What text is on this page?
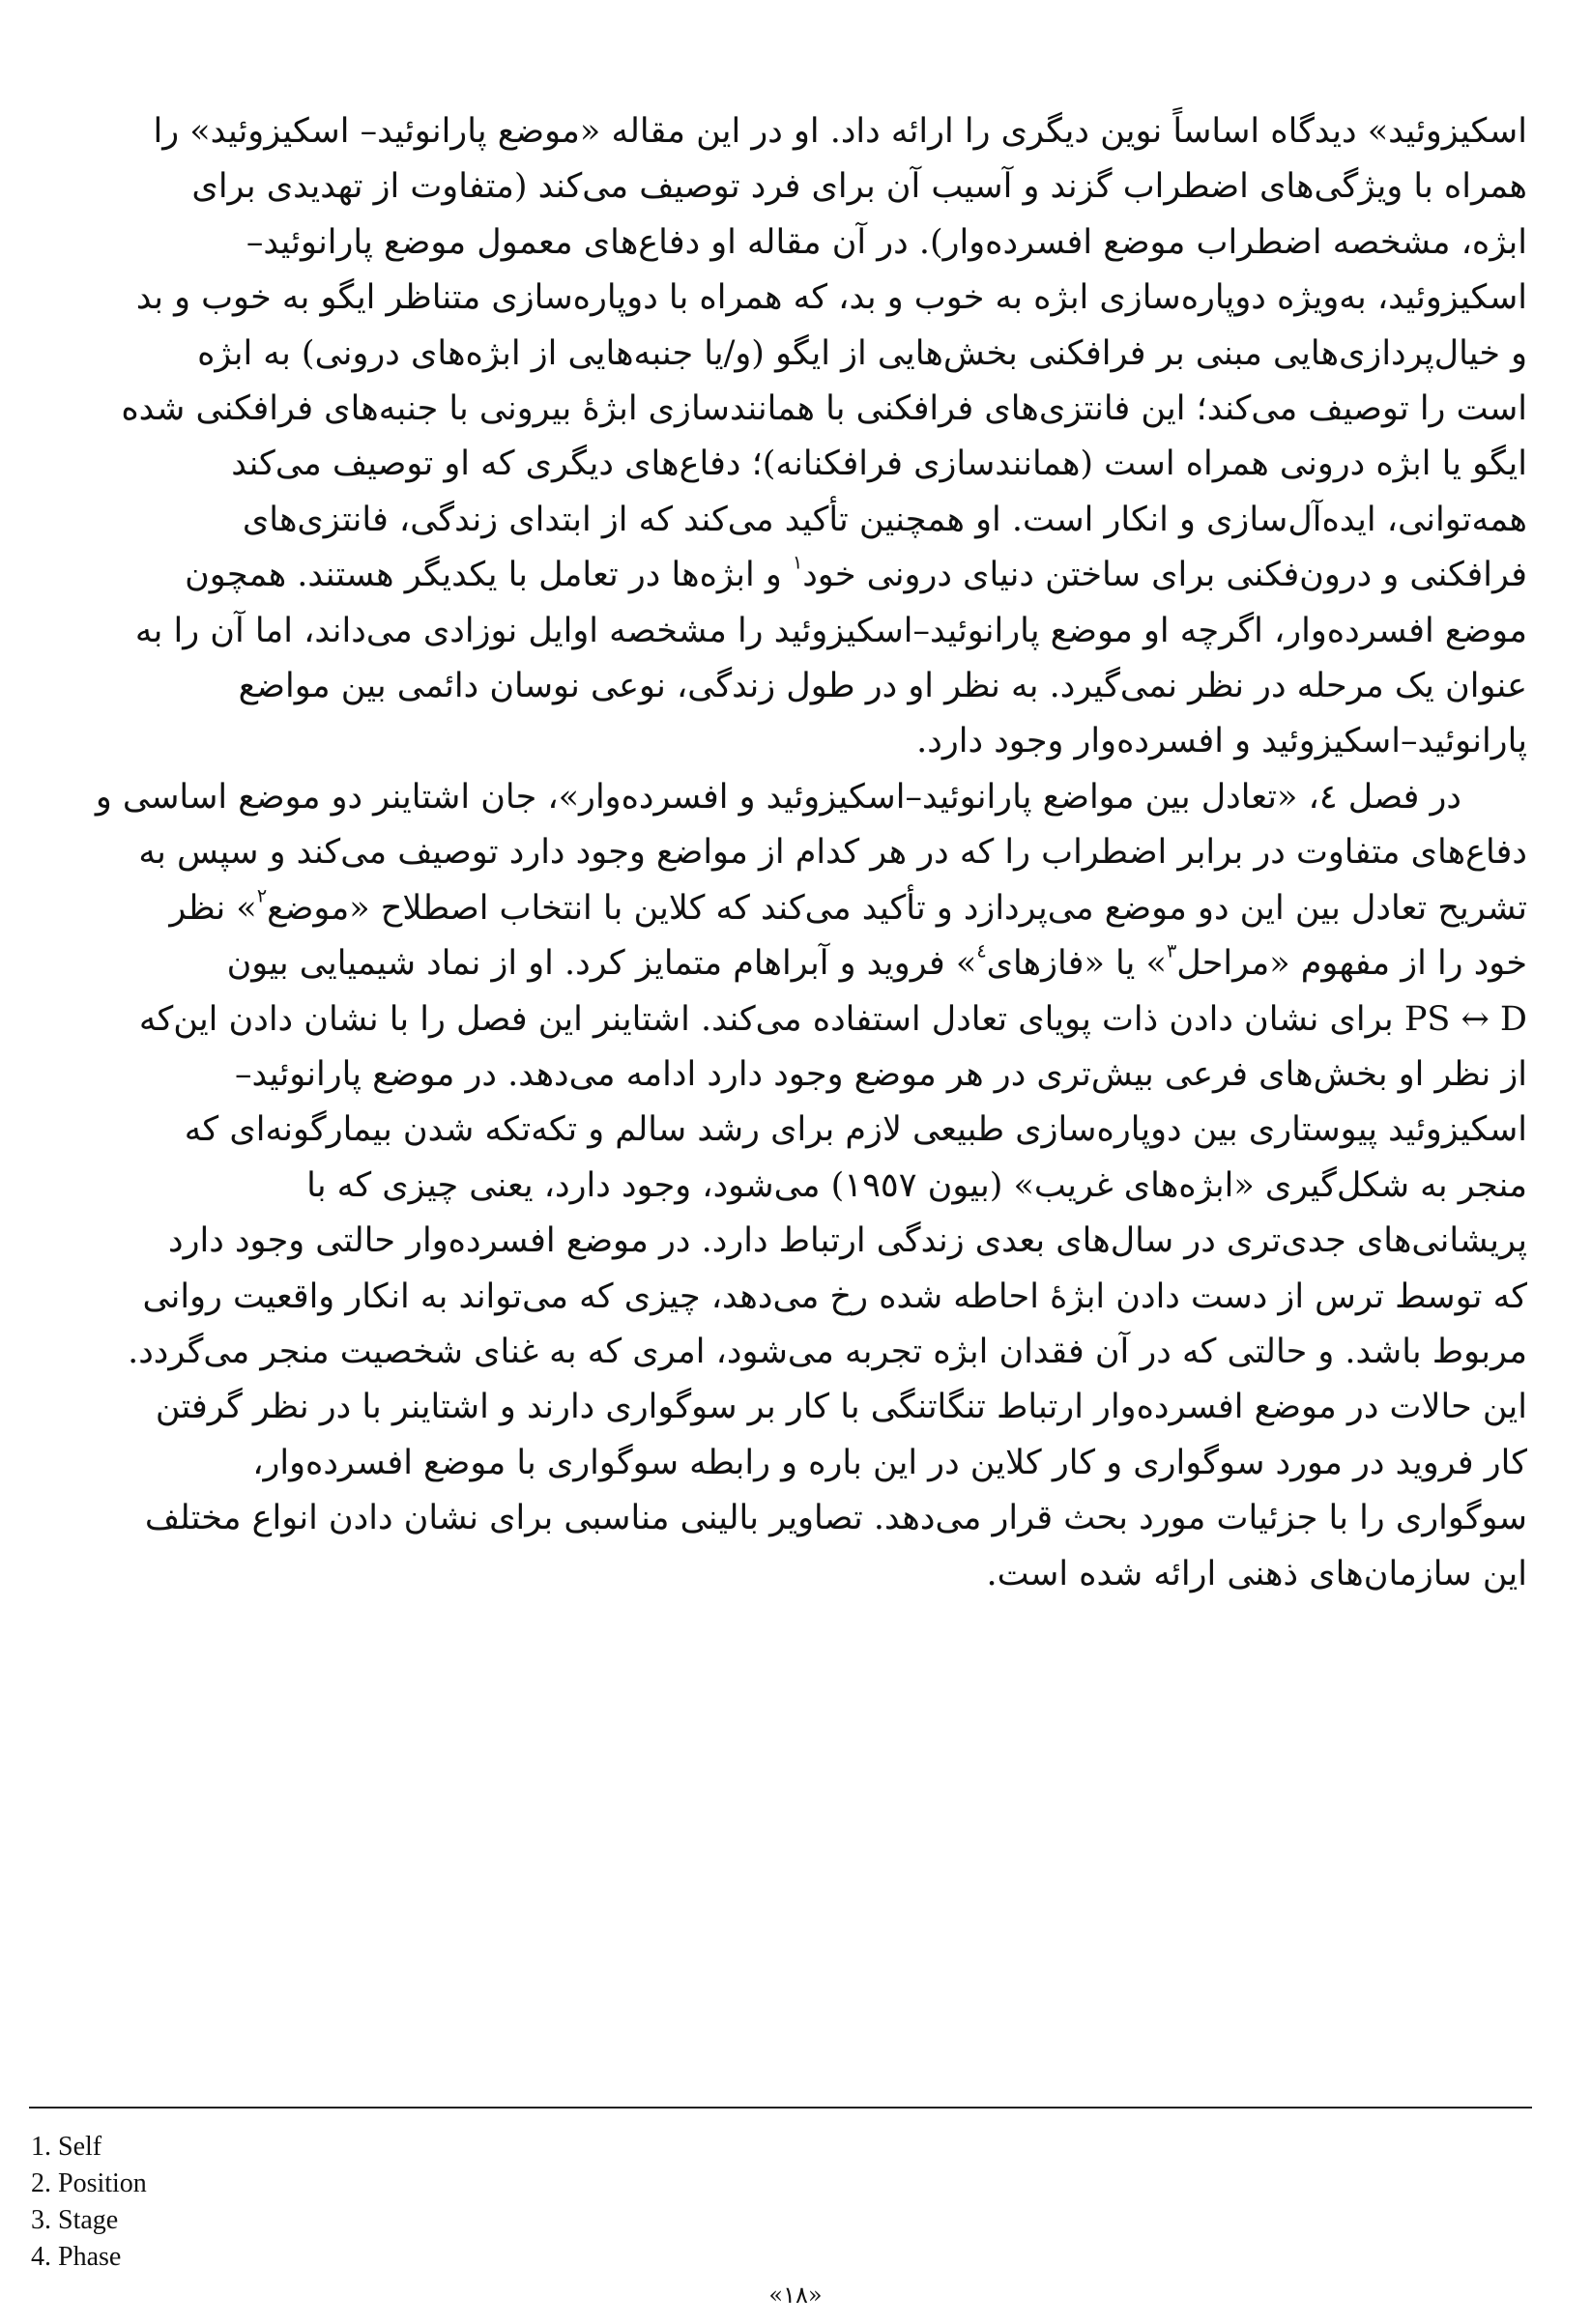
اسکیزوئید» دیدگاه اساساً نوین دیگری را ارائه داد. او در این مقاله «موضع پارانوئید– اسکیزوئید» را
همراه با ویژگی‌های اضطراب گزند و آسیب آن برای فرد توصیف می‌کند (متفاوت از تهدیدی برای
ابژه، مشخصه اضطراب موضع افسرده‌وار). در آن مقاله او دفاع‌های معمول موضع پارانوئید–
اسکیزوئید، به‌ویژه دوپاره‌سازی ابژه به خوب و بد، که همراه با دوپاره‌سازی متناظر ایگو به خوب و بد
و خیال‌پردازی‌هایی مبنی بر فرافکنی بخش‌هایی از ایگو (و/یا جنبه‌هایی از ابژه‌های درونی) به ابژه
است را توصیف می‌کند؛ این فانتزی‌های فرافکنی با همانندسازی ابژهٔ بیرونی با جنبه‌های فرافکنی شده
ایگو یا ابژه درونی همراه است (همانندسازی فرافکنانه)؛ دفاع‌های دیگری که او توصیف می‌کند
همه‌توانی، ایده‌آل‌سازی و انکار است. او همچنین تأکید می‌کند که از ابتدای زندگی، فانتزی‌های
فرافکنی و درون‌فکنی برای ساختن دنیای درونی خود$^۱$ و ابژه‌ها در تعامل با یکدیگر هستند. همچون
موضع افسرده‌وار، اگرچه او موضع پارانوئید–اسکیزوئید را مشخصه اوایل نوزادی می‌داند، اما آن را به
عنوان یک مرحله در نظر نمی‌گیرد. به نظر او در طول زندگی، نوعی نوسان دائمی بین مواضع
پارانوئید–اسکیزوئید و افسرده‌وار وجود دارد.
در فصل ٤، «تعادل بین مواضع پارانوئید–اسکیزوئید و افسرده‌وار»، جان اشتاینر دو موضع اساسی و
دفاع‌های متفاوت در برابر اضطراب را که در هر کدام از مواضع وجود دارد توصیف می‌کند و سپس به
تشریح تعادل بین این دو موضع می‌پردازد و تأکید می‌کند که کلاین با انتخاب اصطلاح «موضع$^۲$» نظر
خود را از مفهوم «مراحل$^۳$» یا «فازهای$^٤$» فروید و آبراهام متمایز کرد. او از نماد شیمیایی بیون
PS ↔ D برای نشان دادن ذات پویای تعادل استفاده می‌کند. اشتاینر این فصل را با نشان دادن این‌که
از نظر او بخش‌های فرعی بیش‌تری در هر موضع وجود دارد ادامه می‌دهد. در موضع پارانوئید–
اسکیزوئید پیوستاری بین دوپاره‌سازی طبیعی لازم برای رشد سالم و تکه‌تکه شدن بیمارگونه‌ای که
منجر به شکل‌گیری «ابژه‌های غریب» (بیون ١٩٥٧) می‌شود، وجود دارد، یعنی چیزی که با
پریشانی‌های جدی‌تری در سال‌های بعدی زندگی ارتباط دارد. در موضع افسرده‌وار حالتی وجود دارد
که توسط ترس از دست دادن ابژهٔ احاطه شده رخ می‌دهد، چیزی که می‌تواند به انکار واقعیت روانی
مربوط باشد. و حالتی که در آن فقدان ابژه تجربه می‌شود، امری که به غنای شخصیت منجر می‌گردد.
این حالات در موضع افسرده‌وار ارتباط تنگاتنگی با کار بر سوگواری دارند و اشتاینر با در نظر گرفتن
کار فروید در مورد سوگواری و کار کلاین در این باره و رابطه سوگواری با موضع افسرده‌وار،
سوگواری را با جزئیات مورد بحث قرار می‌دهد. تصاویر بالینی مناسبی برای نشان دادن انواع مختلف
این سازمان‌های ذهنی ارائه شده است.
1. Self
2. Position
3. Stage
4. Phase
«١٨»
